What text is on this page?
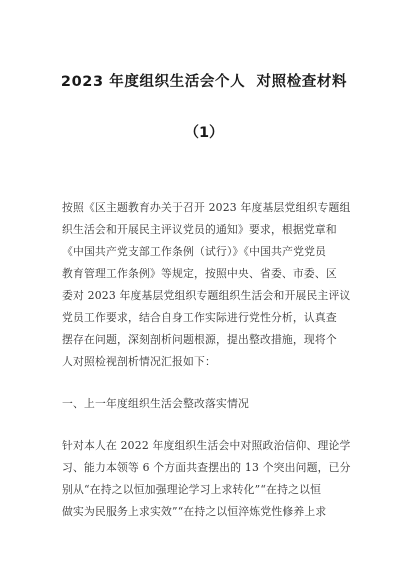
2023 年度组织生活会个人  对照检查材料
（1）
按照《区主题教育办关于召开 2023 年度基层党组织专题组
织生活会和开展民主评议党员的通知》要求，根据党章和
《中国共产党支部工作条例（试行）》《中国共产党党员
教育管理工作条例》等规定，按照中央、省委、市委、区
委对 2023 年度基层党组织专题组织生活会和开展民主评议
党员工作要求，结合自身工作实际进行党性分析，认真查
摆存在问题，深刻剖析问题根源，提出整改措施，现将个
人对照检视剖析情况汇报如下：
一、上一年度组织生活会整改落实情况
针对本人在 2022 年度组织生活会中对照政治信仰、理论学
习、能力本领等 6 个方面共查摆出的 13 个突出问题，已分
别从“在持之以恒加强理论学习上求转化”“在持之以恒
做实为民服务上求实效”“在持之以恒淬炼党性修养上求
